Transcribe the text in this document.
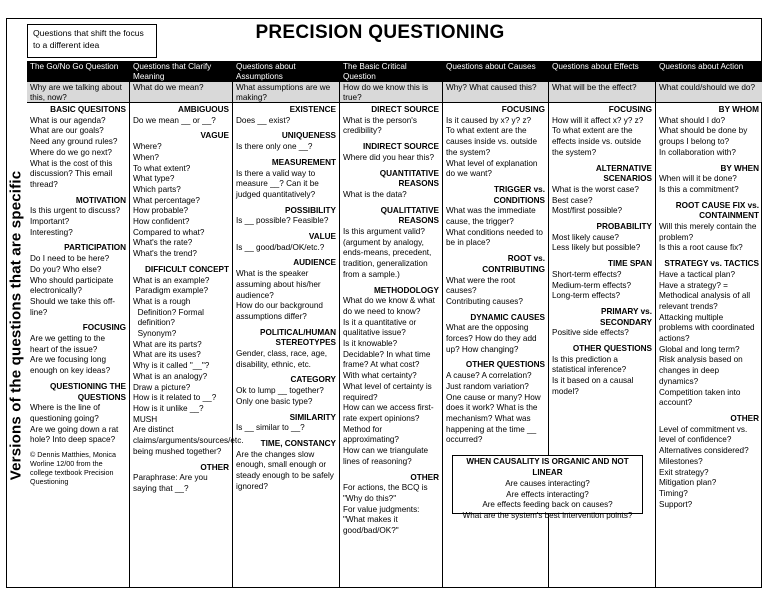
Questions that shift the focus to a different idea
PRECISION QUESTIONING
Versions of the questions that are specific
The Go/No Go Question
Why are we talking about this, now?
BASIC QUESITONS
What is our agenda?
What are our goals?
Need any ground rules?
Where do we go next?
What is the cost of this discussion? This email thread?
MOTIVATION
Is this urgent to discuss? Important?
Interesting?
PARTICIPATION
Do I need to be here?
Do you? Who else?
Who should participate electronically?
Should we take this off-line?
FOCUSING
Are we getting to the heart of the issue?
Are we focusing long enough on key ideas?
QUESTIONING THE QUESTIONS
Where is the line of questioning going?
Are we going down a rat hole? Into deep space?
© Dennis Matthies, Monica Worline 12/00 from the college textbook Precision Questioning
Questions that Clarify Meaning
What do we mean?
AMBIGUOUS
Do we mean __ or __?
VAGUE
Where?
When?
To what extent?
What type?
Which parts?
What percentage?
How probable?
How confident?
Compared to what?
What's the rate?
What's the trend?
DIFFICULT CONCEPT
What is an example?
Paradigm example?
What is a rough
Definition? Formal
definition?
Synonym?
What are its parts?
What are its uses?
Why is it called "__"?
What is an analogy?
Draw a picture?
How is it related to __?
How is it unlike __?
MUSH
Are distinct claims/arguments/sources/etc. being mushed together?
OTHER
Paraphrase: Are you saying that __?
Questions about Assumptions
What assumptions are we making?
EXISTENCE
Does __ exist?
UNIQUENESS
Is there only one __?
MEASUREMENT
Is there a valid way to measure __? Can it be judged quantitatively?
POSSIBILITY
Is __ possible? Feasible?
VALUE
Is __ good/bad/OK/etc.?
AUDIENCE
What is the speaker assuming about his/her audience?
How do our background assumptions differ?
POLITICAL/HUMAN STEREOTYPES
Gender, class, race, age, disability, ethnic, etc.
CATEGORY
Ok to lump __ together?
Only one basic type?
SIMILARITY
Is __ similar to __?
TIME, CONSTANCY
Are the changes slow enough, small enough or steady enough to be safely ignored?
The Basic Critical Question
How do we know this is true?
DIRECT SOURCE
What is the person's credibility?
INDIRECT SOURCE
Where did you hear this?
QUANTITATIVE REASONS
What is the data?
QUALITTATIVE REASONS
Is this argument valid? (argument by analogy, ends-means, precedent, tradition, generalization from a sample.)
METHODOLOGY
What do we know & what do we need to know?
Is it a quantitative or qualitative issue?
Is it knowable?
Decidable? In what time frame? At what cost?
With what certainty?
What level of certainty is required?
How can we access first-rate expert opinions?
Method for approximating?
How can we triangulate lines of reasoning?
OTHER
For actions, the BCQ is "Why do this?"
For value judgments: "What makes it good/bad/OK?"
Questions about Causes
Why? What caused this?
FOCUSING
Is it caused by x? y? z?
To what extent are the causes inside vs. outside the system?
What level of explanation do we want?
TRIGGER vs. CONDITIONS
What was the immediate cause, the trigger?
What conditions needed to be in place?
ROOT vs. CONTRIBUTING
What were the root causes?
Contributing causes?
DYNAMIC CAUSES
What are the opposing forces? How do they add up? How changing?
OTHER QUESTIONS
A cause? A correlation?
Just random variation?
One cause or many? How does it work? What is the mechanism? What was happening at the time __ occurred?
Questions about Effects
What will be the effect?
FOCUSING
How will it affect x? y? z?
To what extent are the effects inside vs. outside the system?
ALTERNATIVE SCENARIOS
What is the worst case?
Best case?
Most/first possible?
PROBABILITY
Most likely cause?
Less likely but possible?
TIME SPAN
Short-term effects?
Medium-term effects?
Long-term effects?
PRIMARY vs. SECONDARY
Positive side effects?
OTHER QUESTIONS
Is this prediction a statistical inference?
Is it based on a causal model?
Questions about Action
What could/should we do?
BY WHOM
What should I do?
What should be done by groups I belong to?
In collaboration with?
BY WHEN
When will it be done?
Is this a commitment?
ROOT CAUSE FIX vs. CONTAINMENT
Will this merely contain the problem?
Is this a root cause fix?
STRATEGY vs. TACTICS
Have a tactical plan?
Have a strategy? = Methodical analysis of all relevant trends?
Attacking multiple problems with coordinated actions?
Global and long term?
Risk analysis based on changes in deep dynamics?
Competition taken into account?
OTHER
Level of commitment vs. level of confidence?
Alternatives considered?
Milestones?
Exit strategy?
Mitigation plan?
Timing?
Support?
WHEN CAUSALITY IS ORGANIC AND NOT LINEAR
Are causes interacting?
Are effects interacting?
Are effects feeding back on causes?
What are the system's best intervention points?
